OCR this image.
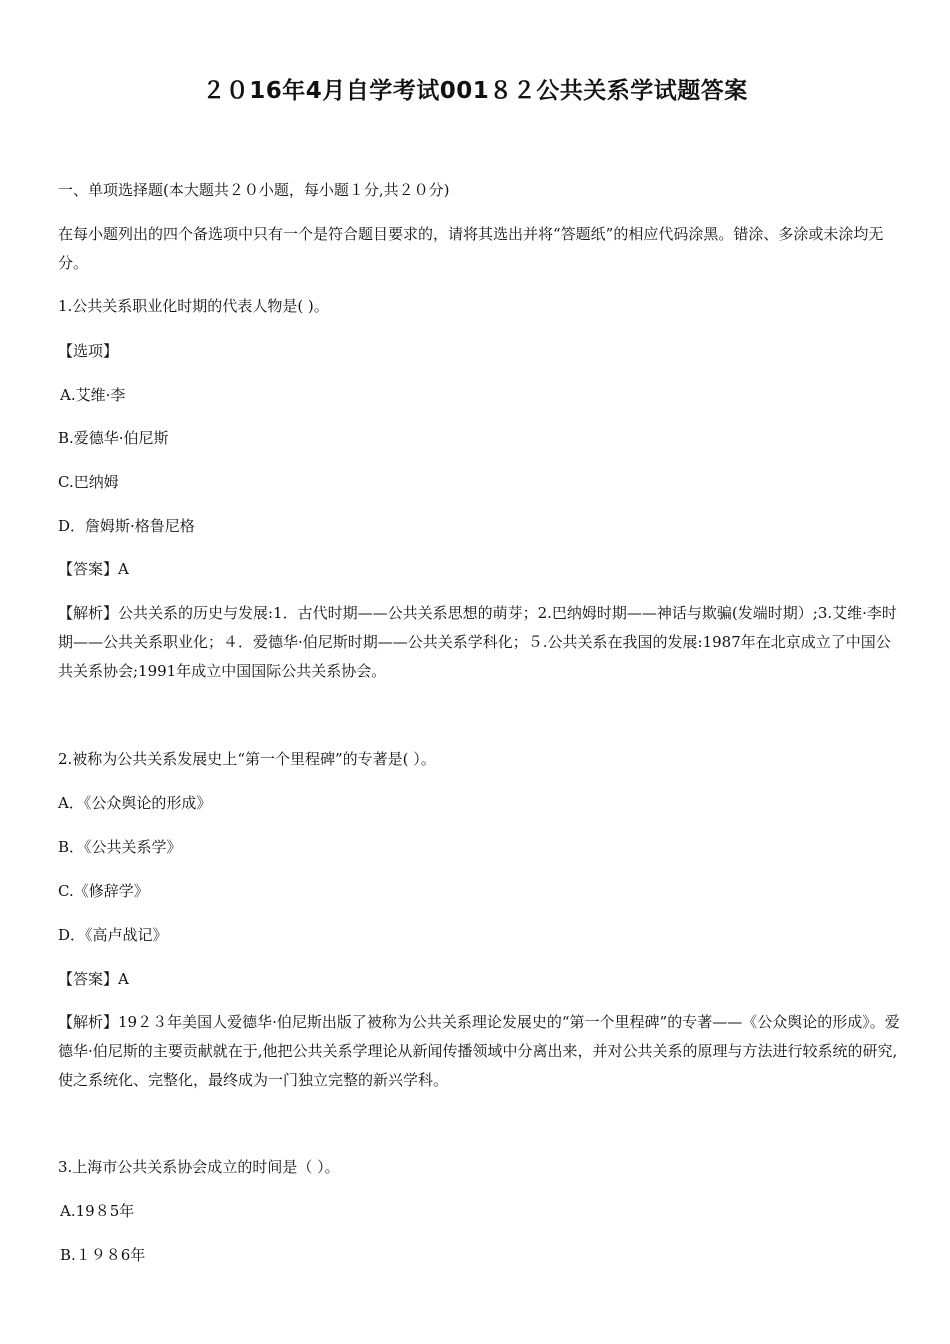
２０16年4月自学考试001８２公共关系学试题答案

一、单项选择题(本大题共２０小题，每小题１分,共２０分)

在每小题列出的四个备选项中只有一个是符合题目要求的，请将其选出并将“答题纸”的相应代码涂黑。错涂、多涂或未涂均无分。

1.公共关系职业化时期的代表人物是( )。

【选项】

A.艾维·李

B.爱德华·伯尼斯

C.巴纳姆

D．詹姆斯·格鲁尼格

【答案】A

【解析】公共关系的历史与发展:1．古代时期——公共关系思想的萌芽；2.巴纳姆时期——神话与欺骗(发端时期）;3.艾维·李时期——公共关系职业化；４．爱德华·伯尼斯时期——公共关系学科化；５.公共关系在我国的发展:1987年在北京成立了中国公共关系协会;1991年成立中国国际公共关系协会。

2.被称为公共关系发展史上“第一个里程碑”的专著是( ）。

A．《公众舆论的形成》

B．《公共关系学》

C.《修辞学》

D．《高卢战记》

【答案】A

【解析】19２３年美国人爱德华·伯尼斯出版了被称为公共关系理论发展史的“第一个里程碑”的专著——《公众舆论的形成》。爱德华·伯尼斯的主要贡献就在于,他把公共关系学理论从新闻传播领域中分离出来，并对公共关系的原理与方法进行较系统的研究,使之系统化、完整化，最终成为一门独立完整的新兴学科。

3.上海市公共关系协会成立的时间是（ ）。

A.19８5年

B.１９８6年
